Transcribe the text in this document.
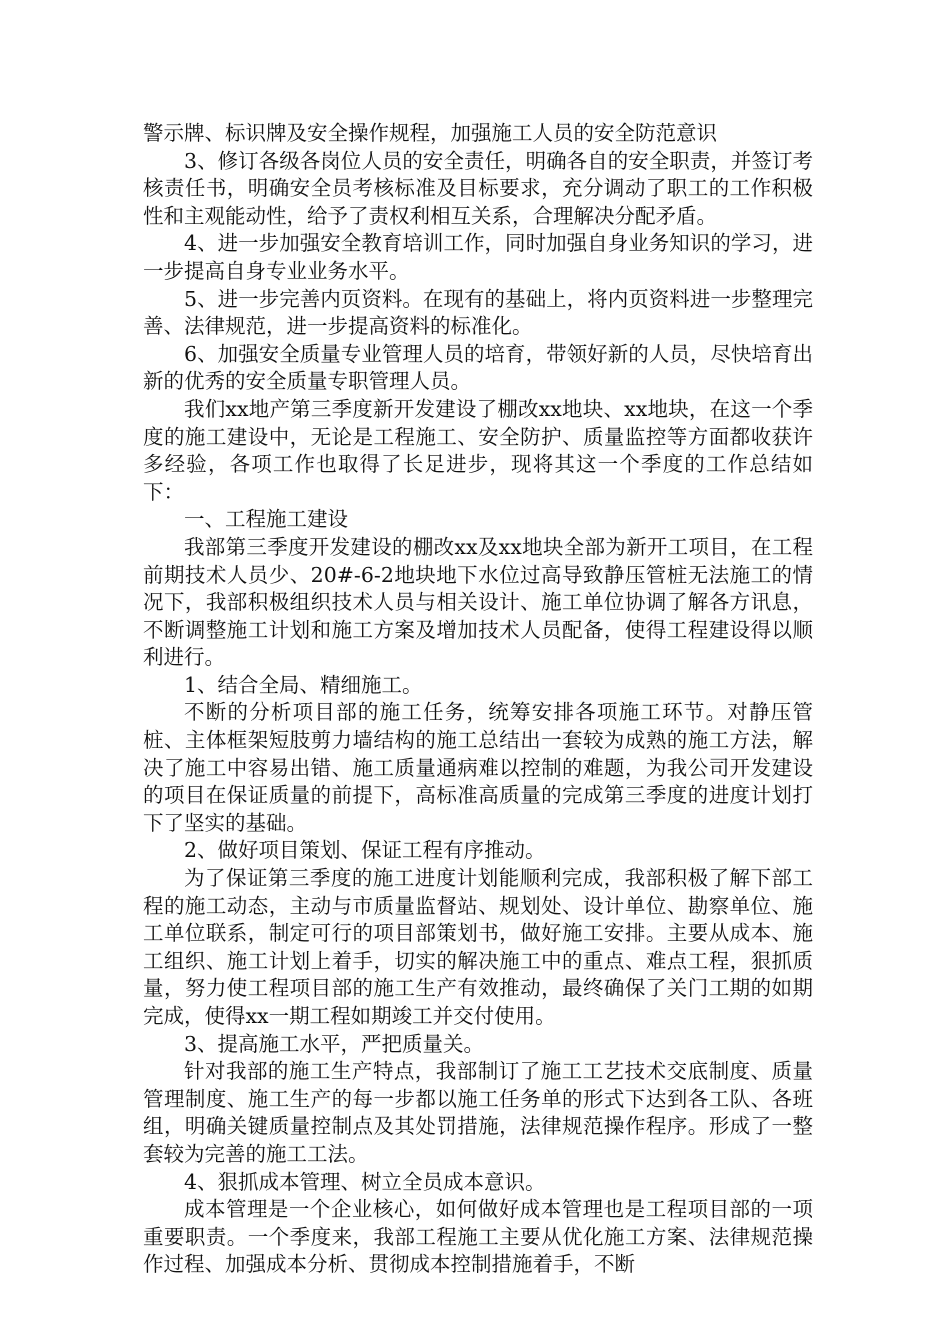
警示牌、标识牌及安全操作规程，加强施工人员的安全防范意识

3、修订各级各岗位人员的安全责任，明确各自的安全职责，并签订考核责任书，明确安全员考核标准及目标要求，充分调动了职工的工作积极性和主观能动性，给予了责权利相互关系，合理解决分配矛盾。

4、进一步加强安全教育培训工作，同时加强自身业务知识的学习，进一步提高自身专业业务水平。

5、进一步完善内页资料。在现有的基础上，将内页资料进一步整理完善、法律规范，进一步提高资料的标准化。

6、加强安全质量专业管理人员的培育，带领好新的人员，尽快培育出新的优秀的安全质量专职管理人员。

我们xx地产第三季度新开发建设了棚改xx地块、xx地块，在这一个季度的施工建设中，无论是工程施工、安全防护、质量监控等方面都收获许多经验，各项工作也取得了长足进步，现将其这一个季度的工作总结如下：

一、工程施工建设

我部第三季度开发建设的棚改xx及xx地块全部为新开工项目，在工程前期技术人员少、20#-6-2地块地下水位过高导致静压管桩无法施工的情况下，我部积极组织技术人员与相关设计、施工单位协调了解各方讯息，不断调整施工计划和施工方案及增加技术人员配备，使得工程建设得以顺利进行。

1、结合全局、精细施工。

不断的分析项目部的施工任务，统筹安排各项施工环节。对静压管桩、主体框架短肢剪力墙结构的施工总结出一套较为成熟的施工方法，解决了施工中容易出错、施工质量通病难以控制的难题，为我公司开发建设的项目在保证质量的前提下，高标准高质量的完成第三季度的进度计划打下了坚实的基础。

2、做好项目策划、保证工程有序推动。

为了保证第三季度的施工进度计划能顺利完成，我部积极了解下部工程的施工动态，主动与市质量监督站、规划处、设计单位、勘察单位、施工单位联系，制定可行的项目部策划书，做好施工安排。主要从成本、施工组织、施工计划上着手，切实的解决施工中的重点、难点工程，狠抓质量，努力使工程项目部的施工生产有效推动，最终确保了关门工期的如期完成，使得xx一期工程如期竣工并交付使用。

3、提高施工水平，严把质量关。

针对我部的施工生产特点，我部制订了施工工艺技术交底制度、质量管理制度、施工生产的每一步都以施工任务单的形式下达到各工队、各班组，明确关键质量控制点及其处罚措施，法律规范操作程序。形成了一整套较为完善的施工工法。

4、狠抓成本管理、树立全员成本意识。

成本管理是一个企业核心，如何做好成本管理也是工程项目部的一项重要职责。一个季度来，我部工程施工主要从优化施工方案、法律规范操作过程、加强成本分析、贯彻成本控制措施着手，不断
